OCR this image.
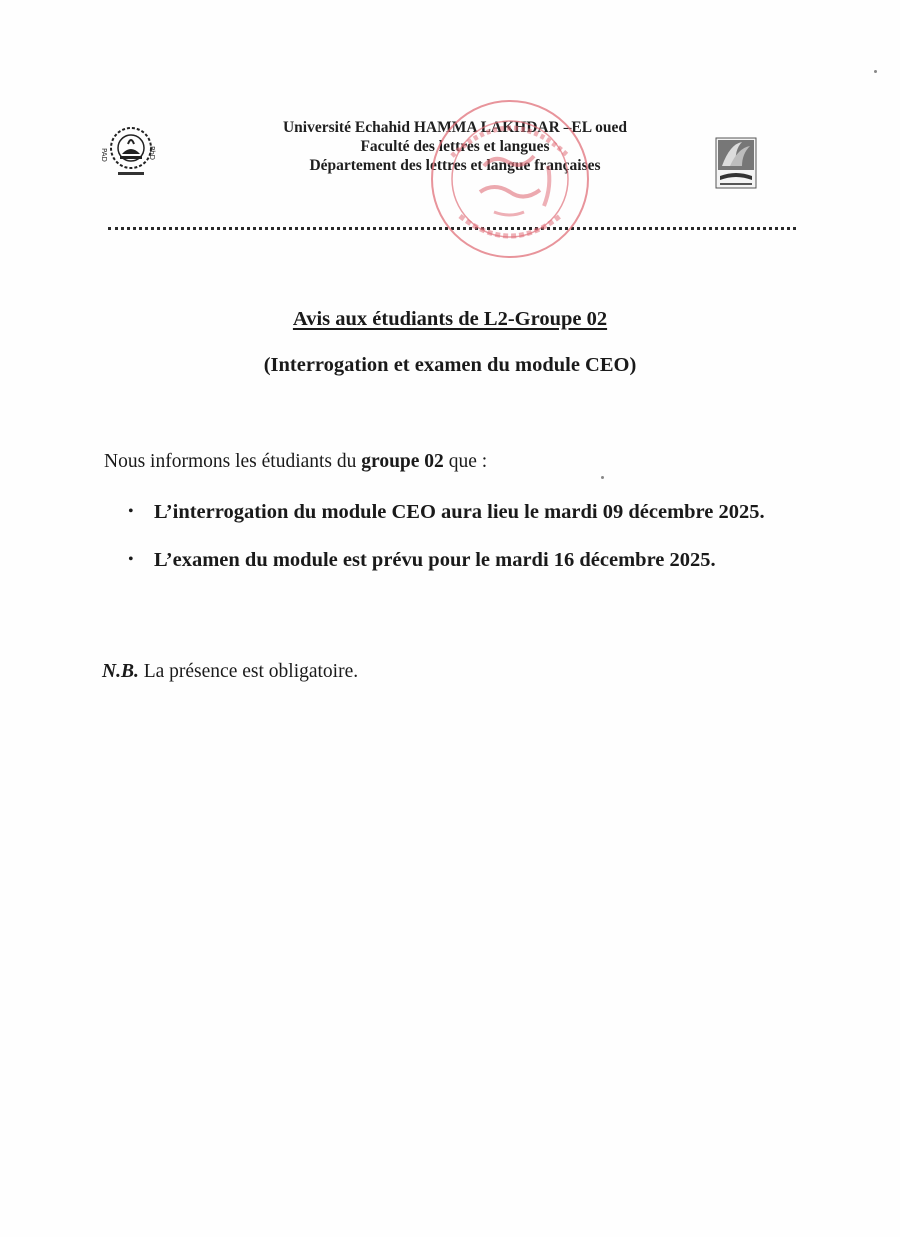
PAD	PbD
Université Echahid HAMMA LAKHDAR –EL oued
Faculté des lettres et langues
Département des lettres et langue françaises
Avis aux étudiants de L2-Groupe 02
(Interrogation et examen du module CEO)
Nous informons les étudiants du groupe 02 que :
• L’interrogation du module CEO aura lieu le mardi 09 décembre 2025.
• L’examen du module est prévu pour le mardi 16 décembre 2025.
N.B. La présence est obligatoire.
